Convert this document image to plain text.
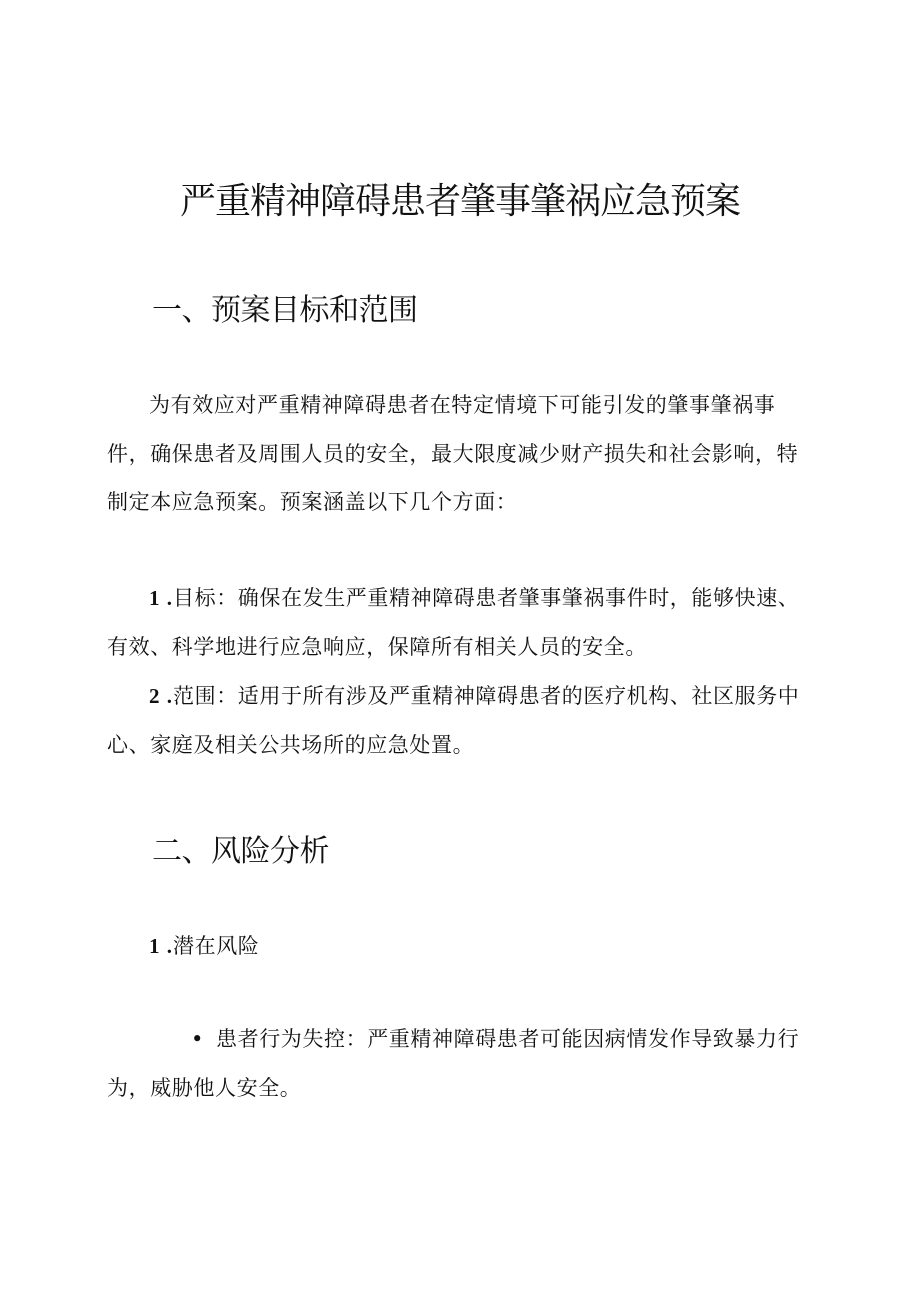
严重精神障碍患者肇事肇祸应急预案
一、预案目标和范围

为有效应对严重精神障碍患者在特定情境下可能引发的肇事肇祸事件，确保患者及周围人员的安全，最大限度减少财产损失和社会影响，特制定本应急预案。预案涵盖以下几个方面：

1 .目标：确保在发生严重精神障碍患者肇事肇祸事件时，能够快速、有效、科学地进行应急响应，保障所有相关人员的安全。

2 .范围：适用于所有涉及严重精神障碍患者的医疗机构、社区服务中心、家庭及相关公共场所的应急处置。

二、风险分析

1 .潜在风险

• 患者行为失控：严重精神障碍患者可能因病情发作导致暴力行为，威胁他人安全。
